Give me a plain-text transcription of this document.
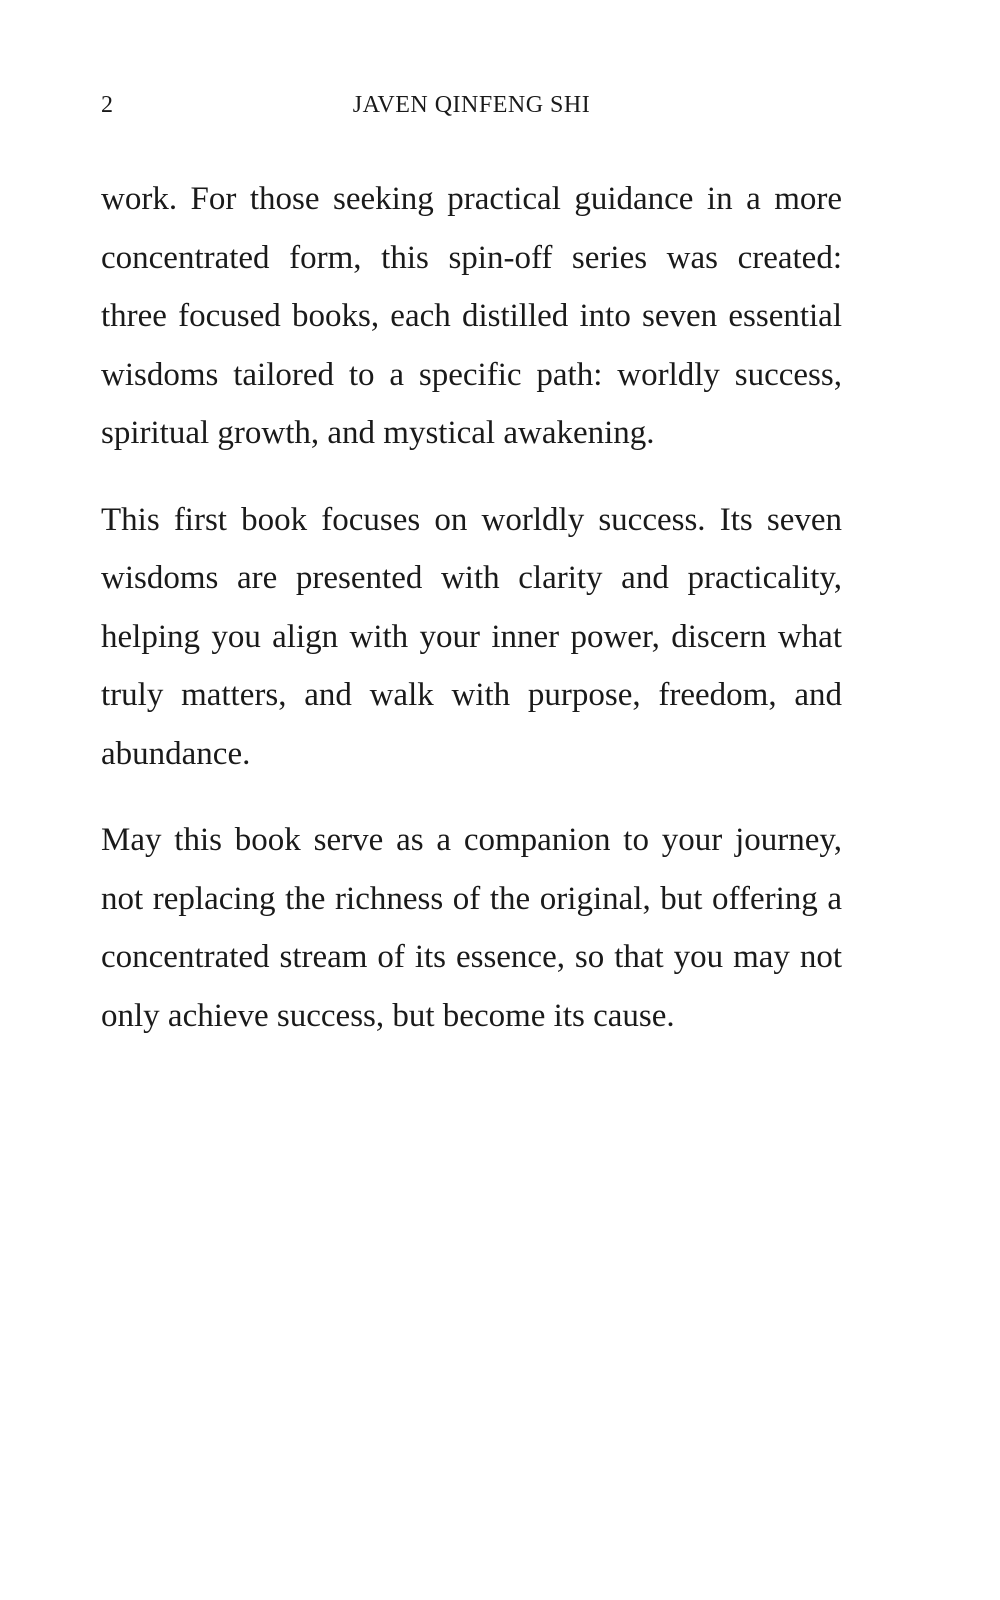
2	JAVEN QINFENG SHI

work. For those seeking practical guidance in a more concentrated form, this spin-off series was created: three focused books, each distilled into seven essential wisdoms tailored to a specific path: worldly success, spiritual growth, and mystical awakening.

This first book focuses on worldly success. Its seven wisdoms are presented with clarity and practicality, helping you align with your inner power, discern what truly matters, and walk with purpose, freedom, and abundance.

May this book serve as a companion to your journey, not replacing the richness of the original, but offering a concentrated stream of its essence, so that you may not only achieve success, but become its cause.
